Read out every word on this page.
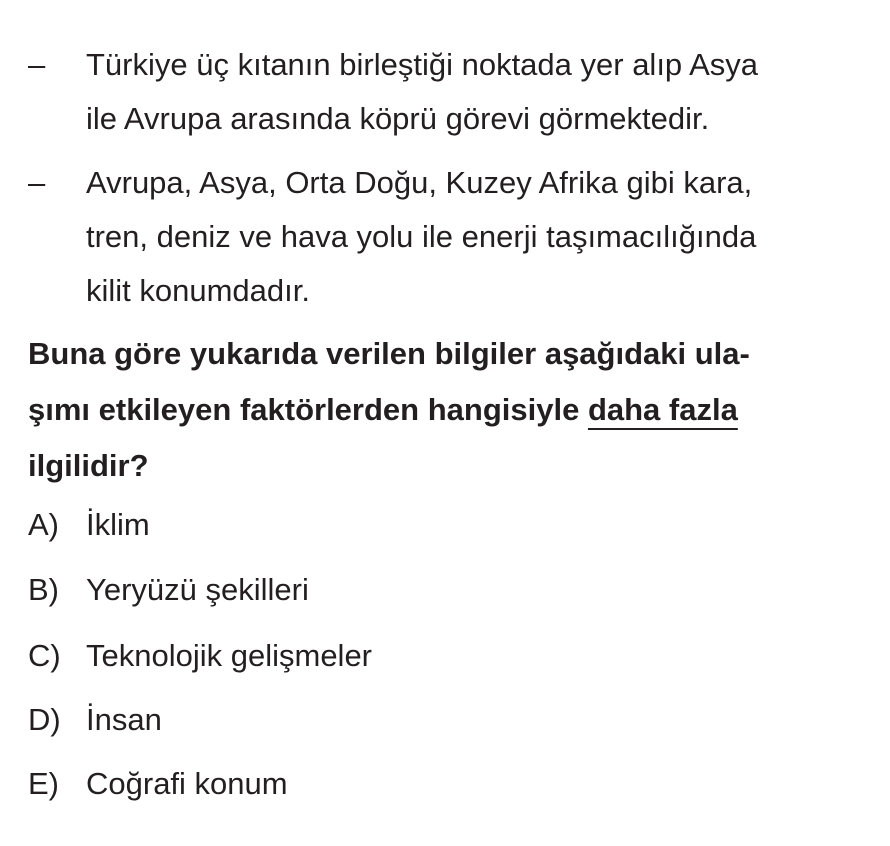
– Türkiye üç kıtanın birleştiği noktada yer alıp Asya
ile Avrupa arasında köprü görevi görmektedir.
– Avrupa, Asya, Orta Doğu, Kuzey Afrika gibi kara,
tren, deniz ve hava yolu ile enerji taşımacılığında
kilit konumdadır.
Buna göre yukarıda verilen bilgiler aşağıdaki ula-
şımı etkileyen faktörlerden hangisiyle daha fazla
ilgilidir?
A) İklim
B) Yeryüzü şekilleri
C) Teknolojik gelişmeler
D) İnsan
E) Coğrafi konum
